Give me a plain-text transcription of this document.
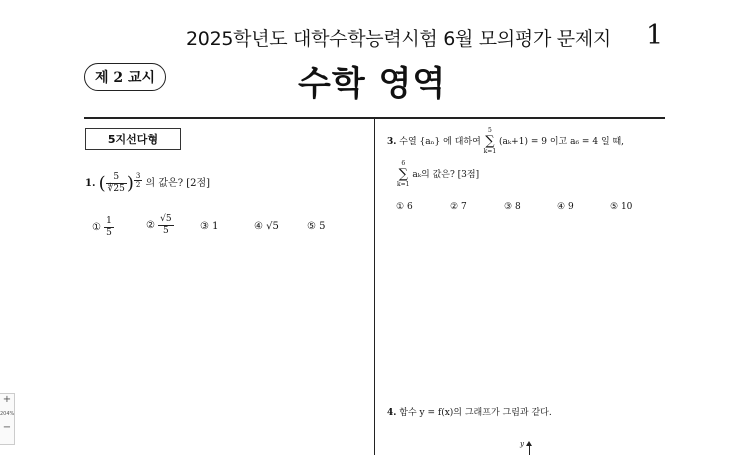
2025학년도 대학수학능력시험 6월 모의평가 문제지 1
제 2 교시	수학 영역
5지선다형
1. ( $\frac{5}{∜25}$ ) $\frac{3}{2}$ 의 값은? [2점]
① $\frac{1}{5}$	② $\frac{√5}{5}$	③ 1	④ √5	⑤ 5
3. 수열 {aₙ} 에 대하여
5
∑
k=1
(aₖ+1) = 9 이고 a₆ = 4 일 때,
6
∑
k=1
aₖ의 값은? [3점]
① 6	② 7	③ 8	④ 9	⑤ 10
4. 함수 y = f(x)의 그래프가 그림과 같다.
y
+
204%
−
